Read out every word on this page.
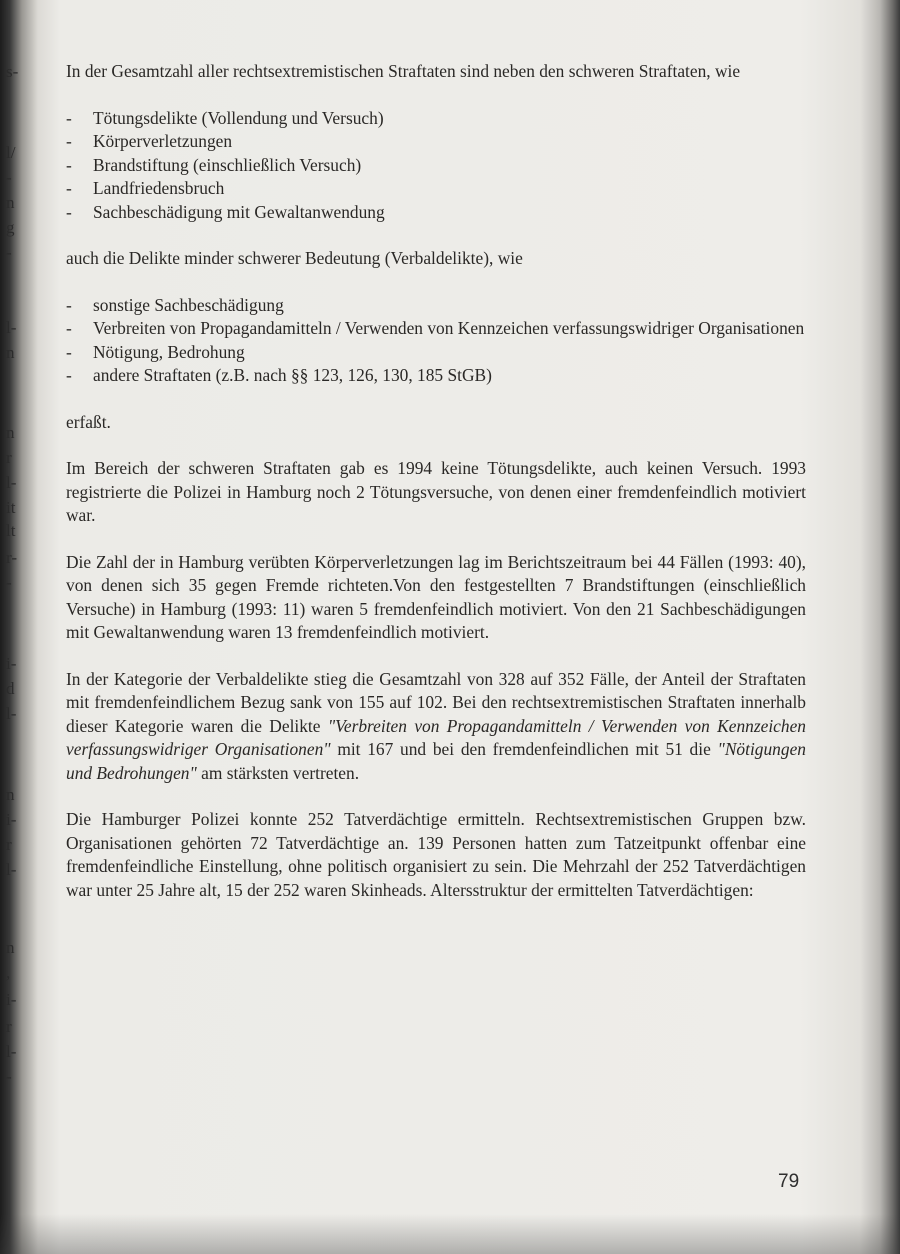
s-
l/
-
n
g
-
l-
n
n
r
l-
it
lt
r-
-
i-
d
l-
n
i-
r
l-
n
,
i-
r
l-
-

In der Gesamtzahl aller rechtsextremistischen Straftaten sind neben den schweren Straftaten, wie

- Tötungsdelikte (Vollendung und Versuch)
- Körperverletzungen
- Brandstiftung (einschließlich Versuch)
- Landfriedensbruch
- Sachbeschädigung mit Gewaltanwendung

auch die Delikte minder schwerer Bedeutung (Verbaldelikte), wie

- sonstige Sachbeschädigung
- Verbreiten von Propagandamitteln / Verwenden von Kennzeichen verfassungswidriger Organisationen
- Nötigung, Bedrohung
- andere Straftaten (z.B. nach §§ 123, 126, 130, 185 StGB)

erfaßt.

Im Bereich der schweren Straftaten gab es 1994 keine Tötungsdelikte, auch keinen Versuch. 1993 registrierte die Polizei in Hamburg noch 2 Tötungsversuche, von denen einer fremdenfeindlich motiviert war.

Die Zahl der in Hamburg verübten Körperverletzungen lag im Berichtszeitraum bei 44 Fällen (1993: 40), von denen sich 35 gegen Fremde richteten.Von den festgestellten 7 Brandstiftungen (einschließlich Versuche) in Hamburg (1993: 11) waren 5 fremdenfeindlich motiviert. Von den 21 Sachbeschädigungen mit Gewaltanwendung waren 13 fremdenfeindlich motiviert.

In der Kategorie der Verbaldelikte stieg die Gesamtzahl von 328 auf 352 Fälle, der Anteil der Straftaten mit fremdenfeindlichem Bezug sank von 155 auf 102. Bei den rechtsextremistischen Straftaten innerhalb dieser Kategorie waren die Delikte "Verbreiten von Propagandamitteln / Verwenden von Kennzeichen verfassungswidriger Organisationen" mit 167 und bei den fremdenfeindlichen mit 51 die "Nötigungen und Bedrohungen" am stärksten vertreten.

Die Hamburger Polizei konnte 252 Tatverdächtige ermitteln. Rechtsextremistischen Gruppen bzw. Organisationen gehörten 72 Tatverdächtige an. 139 Personen hatten zum Tatzeitpunkt offenbar eine fremdenfeindliche Einstellung, ohne politisch organisiert zu sein. Die Mehrzahl der 252 Tatverdächtigen war unter 25 Jahre alt, 15 der 252 waren Skinheads. Altersstruktur der ermittelten Tatverdächtigen:

79
